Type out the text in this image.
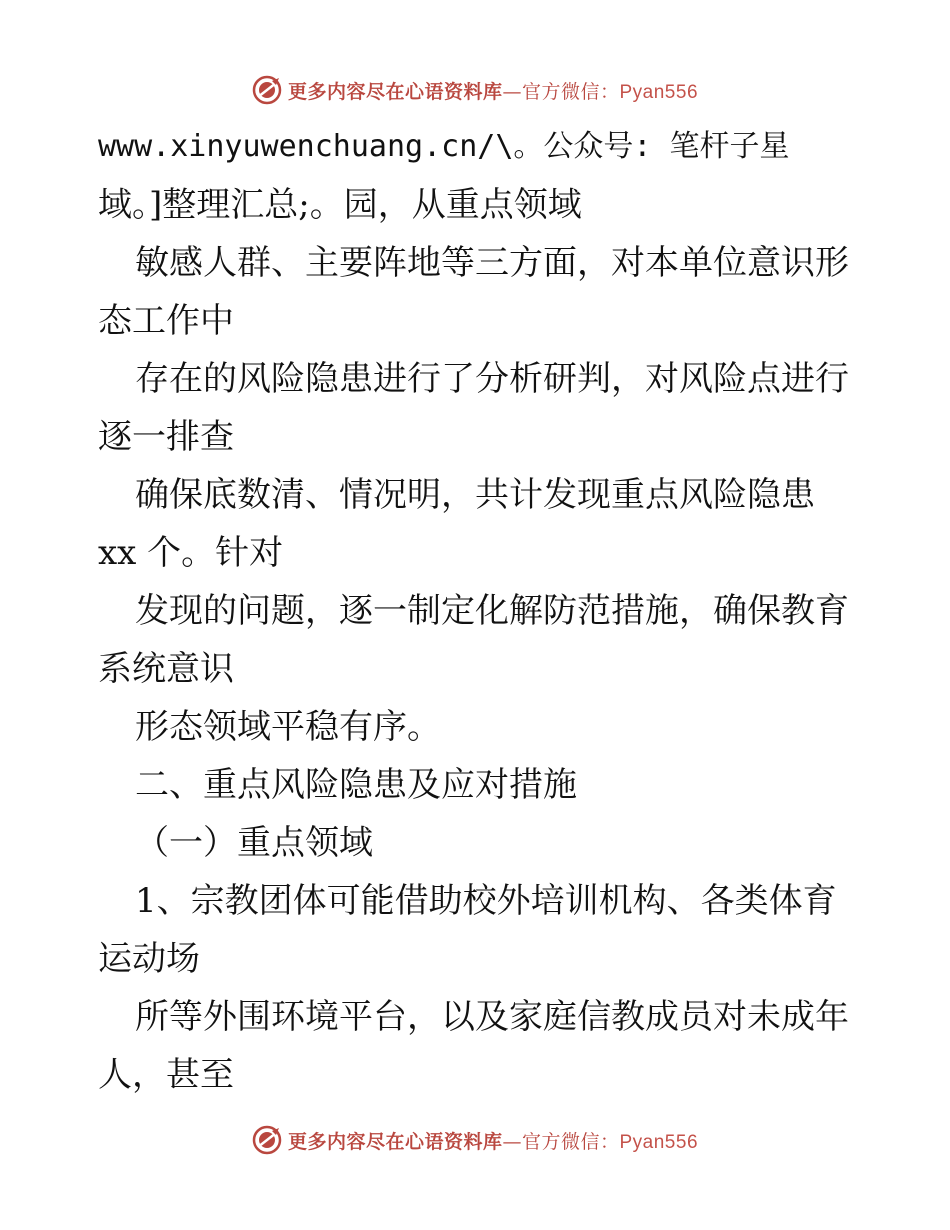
更多内容尽在心语资料库—官方微信：Pyan556
www.xinyuwenchuang.cn/\。公众号: 笔杆子星
域。]整理汇总;。园，从重点领域
敏感人群、主要阵地等三方面，对本单位意识形
态工作中
存在的风险隐患进行了分析研判，对风险点进行
逐一排查
确保底数清、情况明，共计发现重点风险隐患
xx 个。针对
发现的问题，逐一制定化解防范措施，确保教育
系统意识
形态领域平稳有序。
二、重点风险隐患及应对措施
（一）重点领域
1、宗教团体可能借助校外培训机构、各类体育
运动场
所等外围环境平台，以及家庭信教成员对未成年
人，甚至
更多内容尽在心语资料库—官方微信：Pyan556
